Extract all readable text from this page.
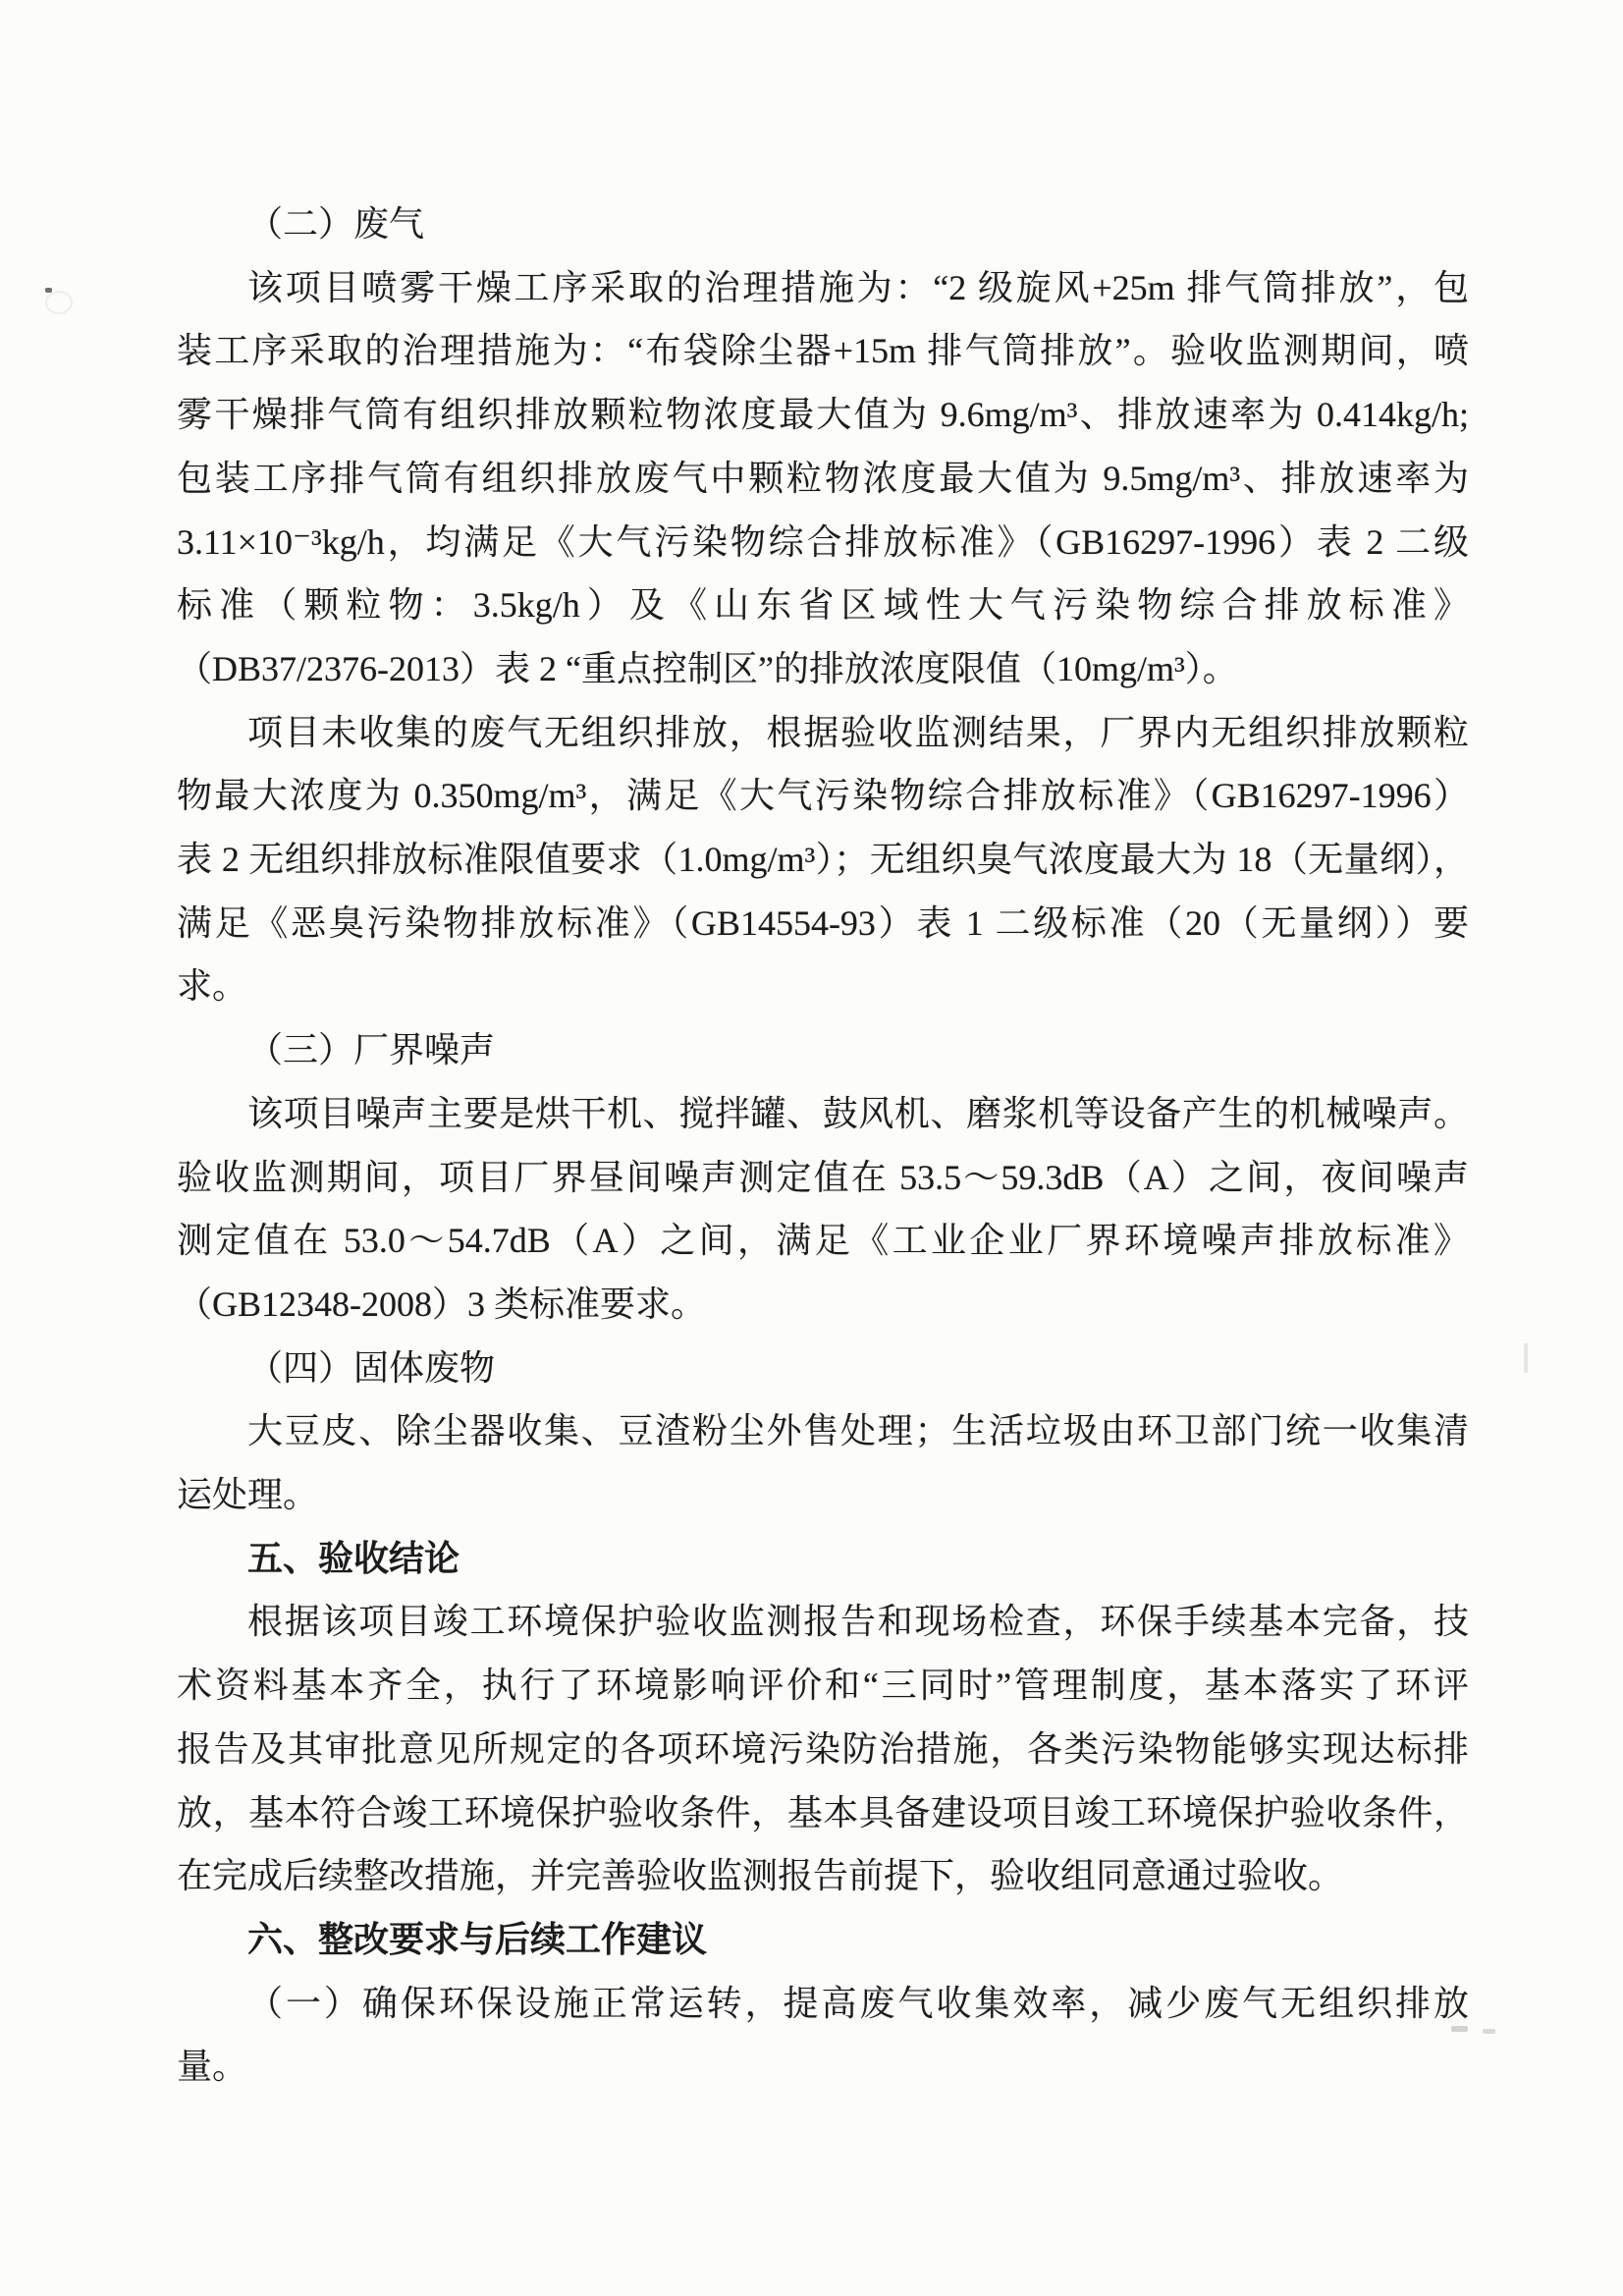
（二）废气
该项目喷雾干燥工序采取的治理措施为：“2 级旋风+25m 排气筒排放”，包
装工序采取的治理措施为：“布袋除尘器+15m 排气筒排放”。验收监测期间，喷
雾干燥排气筒有组织排放颗粒物浓度最大值为 9.6mg/m³、排放速率为 0.414kg/h;
包装工序排气筒有组织排放废气中颗粒物浓度最大值为 9.5mg/m³、排放速率为
3.11×10⁻³kg/h，均满足《大气污染物综合排放标准》（GB16297-1996）表 2 二级
标准（颗粒物：3.5kg/h）及《山东省区域性大气污染物综合排放标准》
（DB37/2376-2013）表 2 “重点控制区”的排放浓度限值（10mg/m³）。
项目未收集的废气无组织排放，根据验收监测结果，厂界内无组织排放颗粒
物最大浓度为 0.350mg/m³，满足《大气污染物综合排放标准》（GB16297-1996）
表 2 无组织排放标准限值要求（1.0mg/m³）；无组织臭气浓度最大为 18（无量纲），
满足《恶臭污染物排放标准》（GB14554-93）表 1 二级标准（20（无量纲））要
求。
（三）厂界噪声
该项目噪声主要是烘干机、搅拌罐、鼓风机、磨浆机等设备产生的机械噪声。
验收监测期间，项目厂界昼间噪声测定值在 53.5～59.3dB（A）之间，夜间噪声
测定值在 53.0～54.7dB（A）之间，满足《工业企业厂界环境噪声排放标准》
（GB12348-2008）3 类标准要求。
（四）固体废物
大豆皮、除尘器收集、豆渣粉尘外售处理；生活垃圾由环卫部门统一收集清
运处理。
五、验收结论
根据该项目竣工环境保护验收监测报告和现场检查，环保手续基本完备，技
术资料基本齐全，执行了环境影响评价和“三同时”管理制度，基本落实了环评
报告及其审批意见所规定的各项环境污染防治措施，各类污染物能够实现达标排
放，基本符合竣工环境保护验收条件，基本具备建设项目竣工环境保护验收条件，
在完成后续整改措施，并完善验收监测报告前提下，验收组同意通过验收。
六、整改要求与后续工作建议
（一）确保环保设施正常运转，提高废气收集效率，减少废气无组织排放
量。
